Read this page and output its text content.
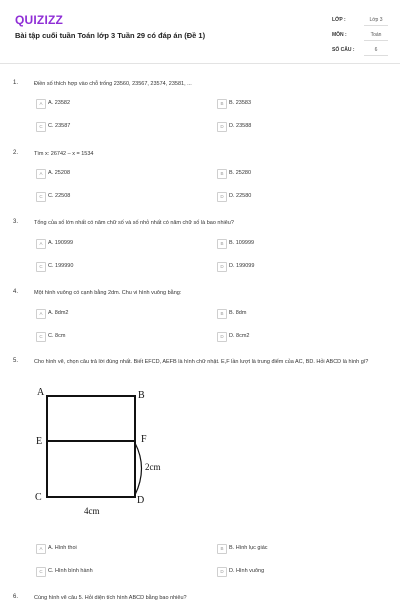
QUIZIZZ
Bài tập cuối tuần Toán lớp 3 Tuần 29 có đáp án (Đề 1)
LỚP :	Lớp 3
MÔN :	Toán
SỐ CÂU :	6
1.	Điền số thích hợp vào chỗ trống 23560, 23567, 23574, 23581, ...
A	A. 23582	B	B. 23583
C C. 23587	D D. 23588
2.	Tìm x: 26742 – x = 1534
A	A. 25208	B	B. 25280
C C. 22508	D D. 22580
3.	Tổng của số lớn nhất có năm chữ số và số nhỏ nhất có năm chữ số là bao nhiêu?
A	A. 190999	B	B. 109999
C C. 199990	D D. 199099
4.	Một hình vuông có cạnh bằng 2dm. Chu vi hình vuông bằng:
A	A. 8dm2	B	B. 8dm
C C. 8cm	D D. 8cm2
5.	Cho hình vẽ, chọn câu trả lời đúng nhất. Biết EFCD, AEFB là hình chữ nhật. E,F lần lượt là trung điểm của AC, BD. Hỏi ABCD là hình gì?
A	B
E	F
C	D
2cm
4cm
A	A. Hình thoi	B	B. Hình lục giác
C C. Hình bình hành	D D. Hình vuông
6.	Cùng hình vẽ câu 5. Hỏi diện tích hình ABCD bằng bao nhiêu?
